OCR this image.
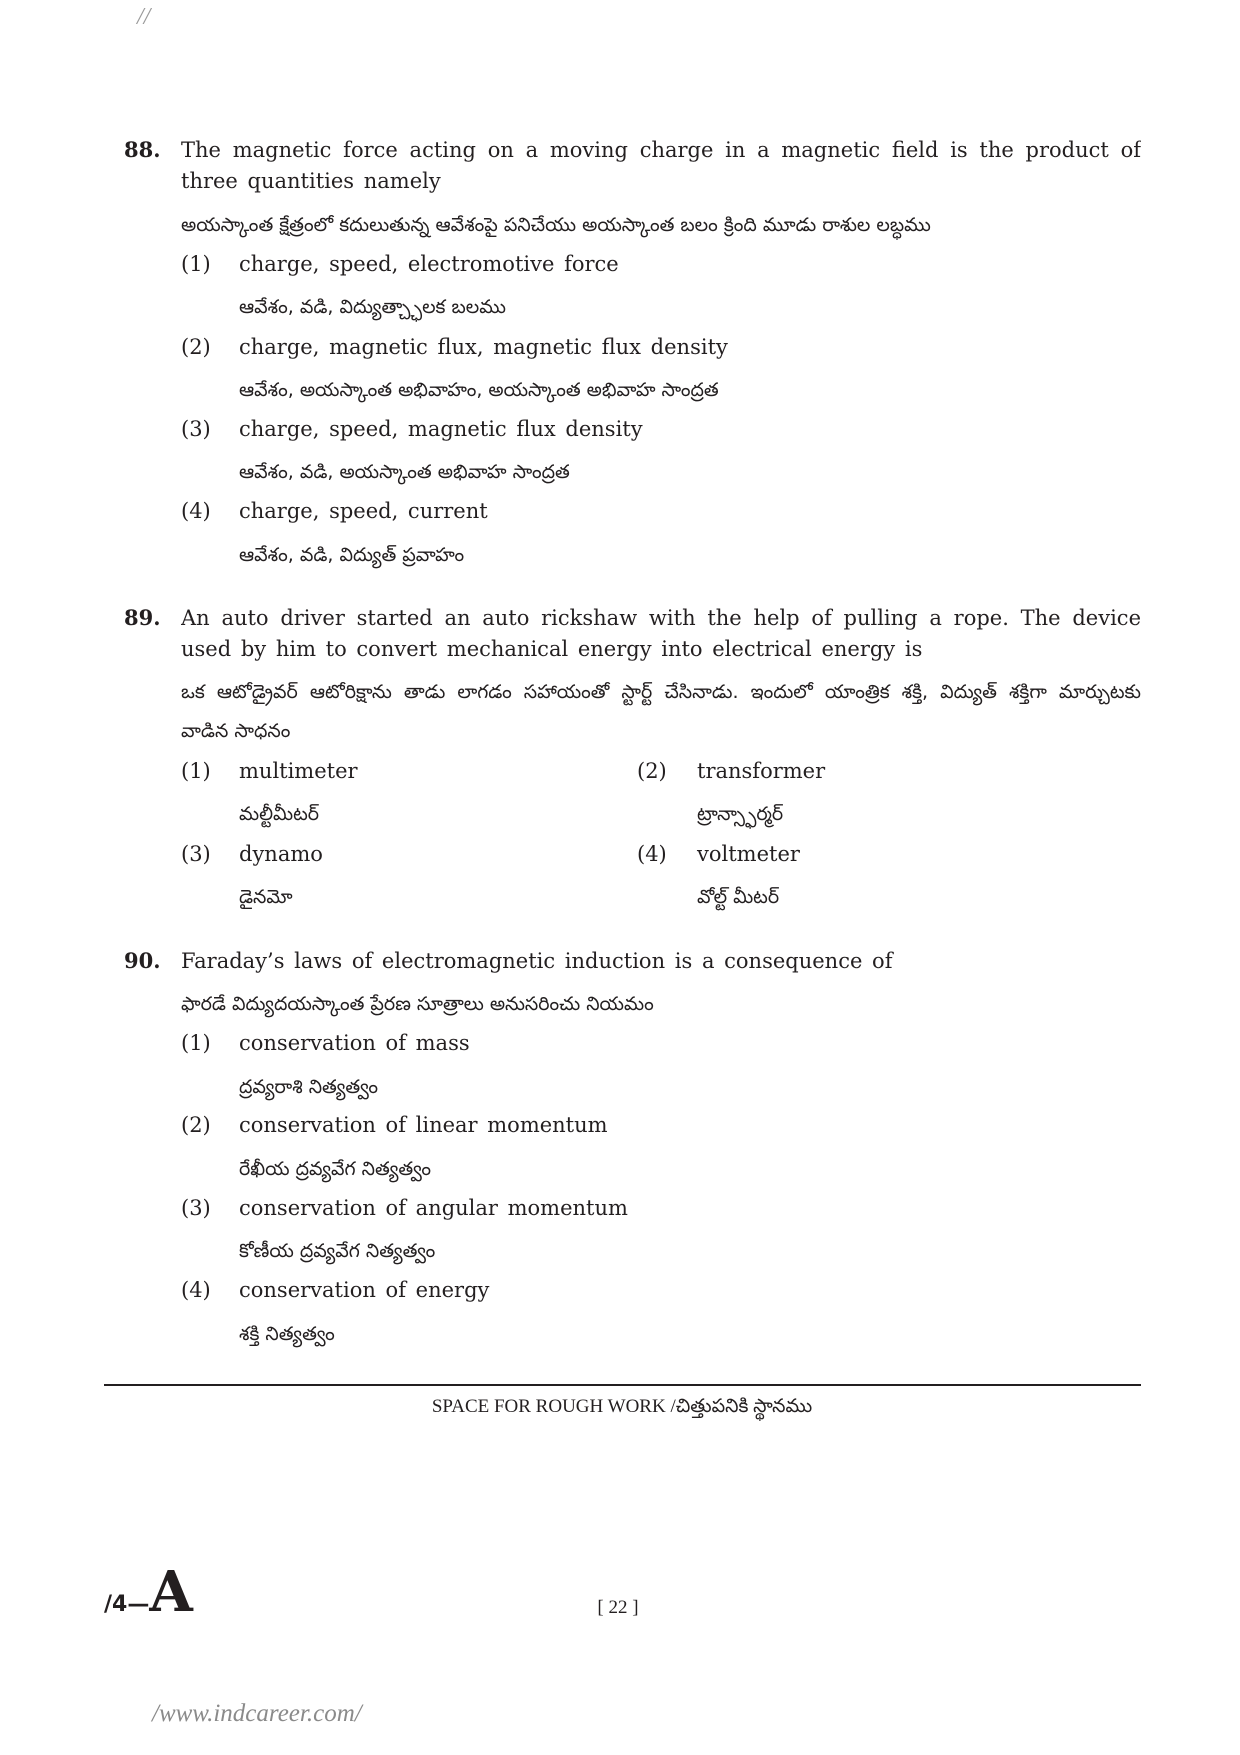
//
88. The magnetic force acting on a moving charge in a magnetic field is the product of
three quantities namely
అయస్కాంత క్షేత్రంలో కదులుతున్న ఆవేశంపై పనిచేయు అయస్కాంత బలం క్రింది మూడు రాశుల లబ్ధము
(1) charge, speed, electromotive force
ఆవేశం, వడి, విద్యుత్చ్ఛాలక బలము
(2) charge, magnetic flux, magnetic flux density
ఆవేశం, అయస్కాంత అభివాహం, అయస్కాంత అభివాహ సాంద్రత
(3) charge, speed, magnetic flux density
ఆవేశం, వడి, అయస్కాంత అభివాహ సాంద్రత
(4) charge, speed, current
ఆవేశం, వడి, విద్యుత్ ప్రవాహం
89. An auto driver started an auto rickshaw with the help of pulling a rope. The device
used by him to convert mechanical energy into electrical energy is
ఒక ఆటోడ్రైవర్ ఆటోరిక్షాను తాడు లాగడం సహాయంతో స్టార్ట్ చేసినాడు. ఇందులో యాంత్రిక శక్తి, విద్యుత్ శక్తిగా మార్చుటకు
వాడిన సాధనం
(1) multimeter
మల్టీమీటర్
(2) transformer
ట్రాన్స్ఫార్మర్
(3) dynamo
డైనమో
(4) voltmeter
వోల్ట్ మీటర్
90. Faraday’s laws of electromagnetic induction is a consequence of
ఫారడే విద్యుదయస్కాంత ప్రేరణ సూత్రాలు అనుసరించు నియమం
(1) conservation of mass
ద్రవ్యరాశి నిత్యత్వం
(2) conservation of linear momentum
రేఖీయ ద్రవ్యవేగ నిత్యత్వం
(3) conservation of angular momentum
కోణీయ ద్రవ్యవేగ నిత్యత్వం
(4) conservation of energy
శక్తి నిత్యత్వం
SPACE FOR ROUGH WORK /చిత్తుపనికి స్థానము
/4—A	[ 22 ]
/www.indcareer.com/
